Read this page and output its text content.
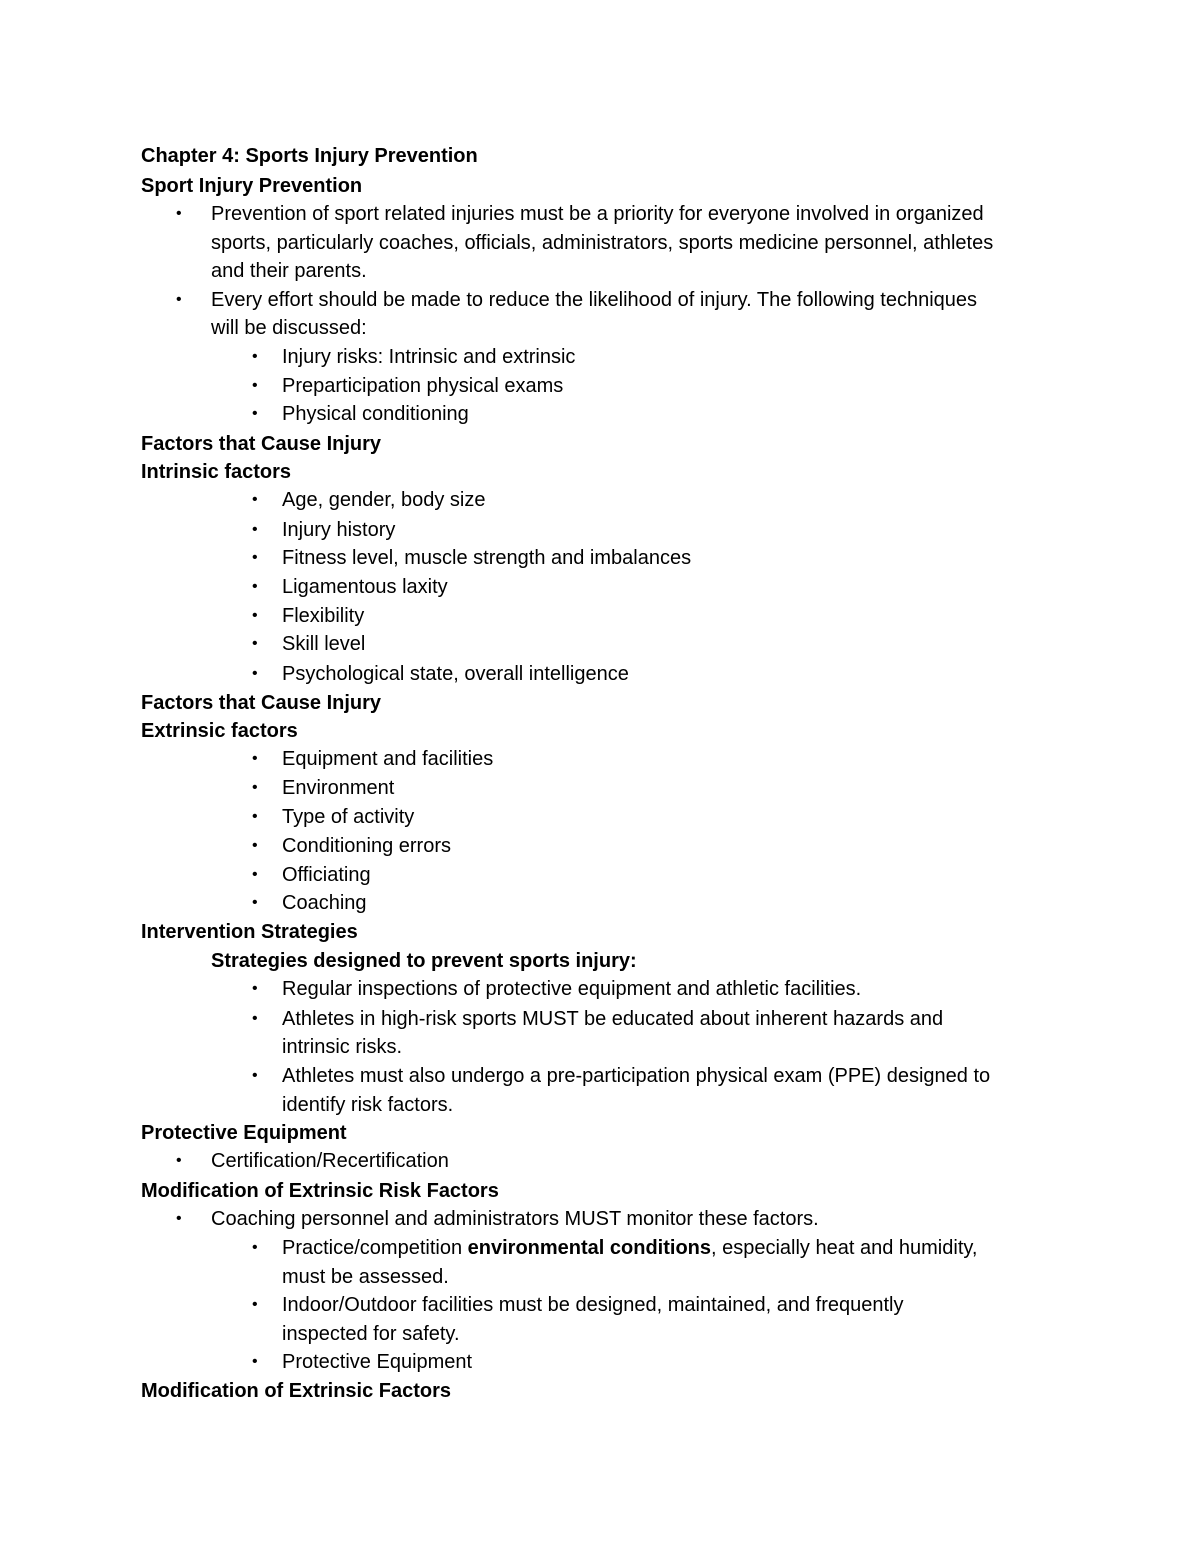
Chapter 4: Sports Injury Prevention
Sport Injury Prevention
• Prevention of sport related injuries must be a priority for everyone involved in organized
sports, particularly coaches, officials, administrators, sports medicine personnel, athletes
and their parents.
• Every effort should be made to reduce the likelihood of injury. The following techniques
will be discussed:
• Injury risks: Intrinsic and extrinsic
• Preparticipation physical exams
• Physical conditioning
Factors that Cause Injury
Intrinsic factors
• Age, gender, body size
• Injury history
• Fitness level, muscle strength and imbalances
• Ligamentous laxity
• Flexibility
• Skill level
• Psychological state, overall intelligence
Factors that Cause Injury
Extrinsic factors
• Equipment and facilities
• Environment
• Type of activity
• Conditioning errors
• Officiating
• Coaching
Intervention Strategies
Strategies designed to prevent sports injury:
• Regular inspections of protective equipment and athletic facilities.
• Athletes in high-risk sports MUST be educated about inherent hazards and
intrinsic risks.
• Athletes must also undergo a pre-participation physical exam (PPE) designed to
identify risk factors.
Protective Equipment
• Certification/Recertification
Modification of Extrinsic Risk Factors
• Coaching personnel and administrators MUST monitor these factors.
• Practice/competition environmental conditions, especially heat and humidity,
must be assessed.
• Indoor/Outdoor facilities must be designed, maintained, and frequently
inspected for safety.
• Protective Equipment
Modification of Extrinsic Factors
